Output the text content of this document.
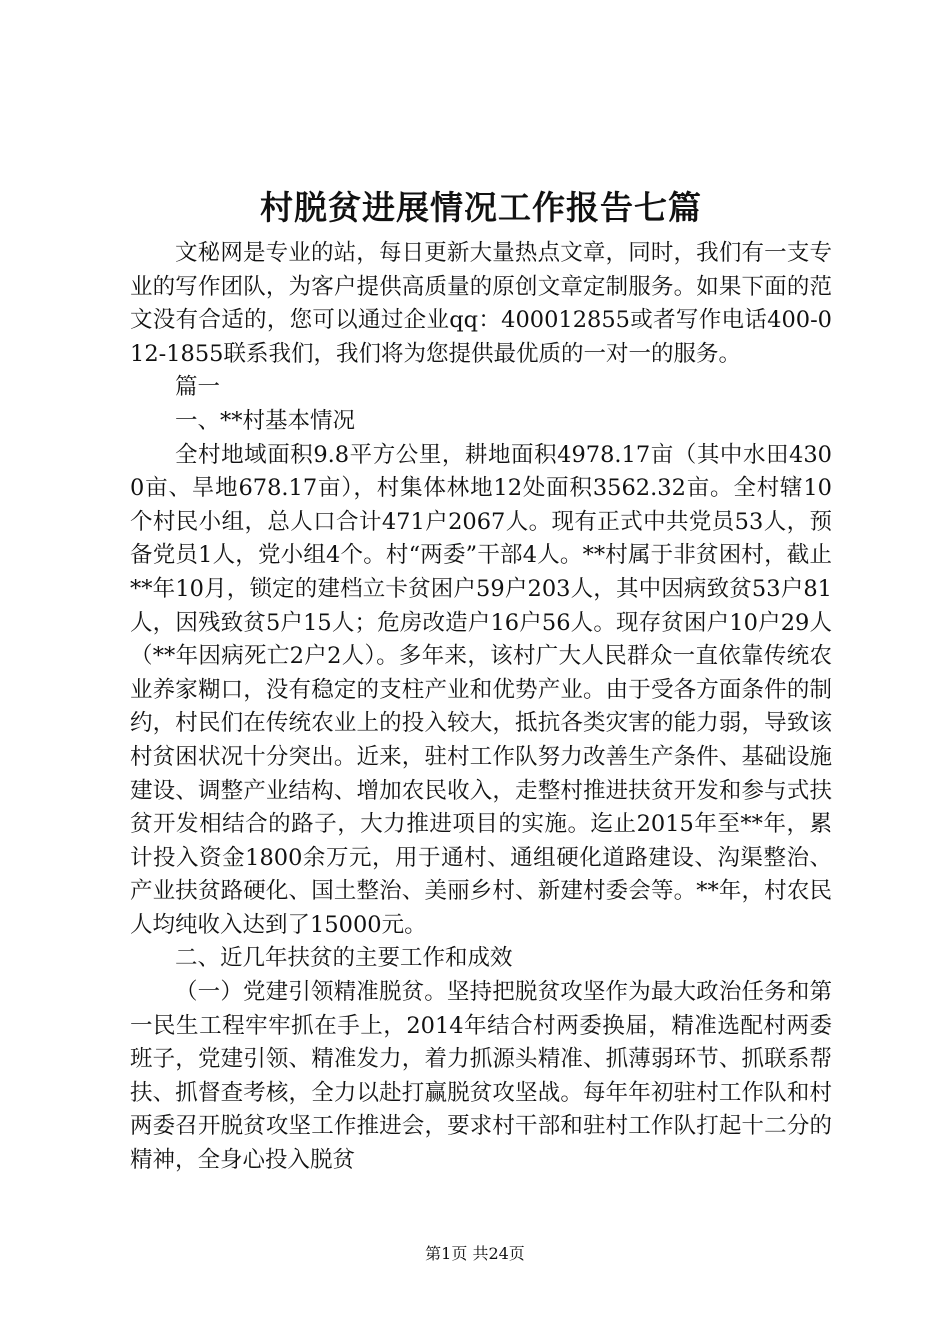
村脱贫进展情况工作报告七篇

文秘网是专业的站，每日更新大量热点文章，同时，我们有一支专业的写作团队，为客户提供高质量的原创文章定制服务。如果下面的范文没有合适的，您可以通过企业qq：400012855或者写作电话400-012-1855联系我们，我们将为您提供最优质的一对一的服务。

篇一

一、**村基本情况

全村地域面积9.8平方公里，耕地面积4978.17亩（其中水田4300亩、旱地678.17亩），村集体林地12处面积3562.32亩。全村辖10个村民小组，总人口合计471户2067人。现有正式中共党员53人，预备党员1人，党小组4个。村“两委”干部4人。**村属于非贫困村，截止**年10月，锁定的建档立卡贫困户59户203人，其中因病致贫53户81人，因残致贫5户15人；危房改造户16户56人。现存贫困户10户29人（**年因病死亡2户2人）。多年来，该村广大人民群众一直依靠传统农业养家糊口，没有稳定的支柱产业和优势产业。由于受各方面条件的制约，村民们在传统农业上的投入较大，抵抗各类灾害的能力弱，导致该村贫困状况十分突出。近来，驻村工作队努力改善生产条件、基础设施建设、调整产业结构、增加农民收入，走整村推进扶贫开发和参与式扶贫开发相结合的路子，大力推进项目的实施。迄止2015年至**年，累计投入资金1800余万元，用于通村、通组硬化道路建设、沟渠整治、产业扶贫路硬化、国土整治、美丽乡村、新建村委会等。**年，村农民人均纯收入达到了15000元。

二、近几年扶贫的主要工作和成效

（一）党建引领精准脱贫。坚持把脱贫攻坚作为最大政治任务和第一民生工程牢牢抓在手上，2014年结合村两委换届，精准选配村两委班子，党建引领、精准发力，着力抓源头精准、抓薄弱环节、抓联系帮扶、抓督查考核，全力以赴打赢脱贫攻坚战。每年年初驻村工作队和村两委召开脱贫攻坚工作推进会，要求村干部和驻村工作队打起十二分的精神，全身心投入脱贫

第1页 共24页
